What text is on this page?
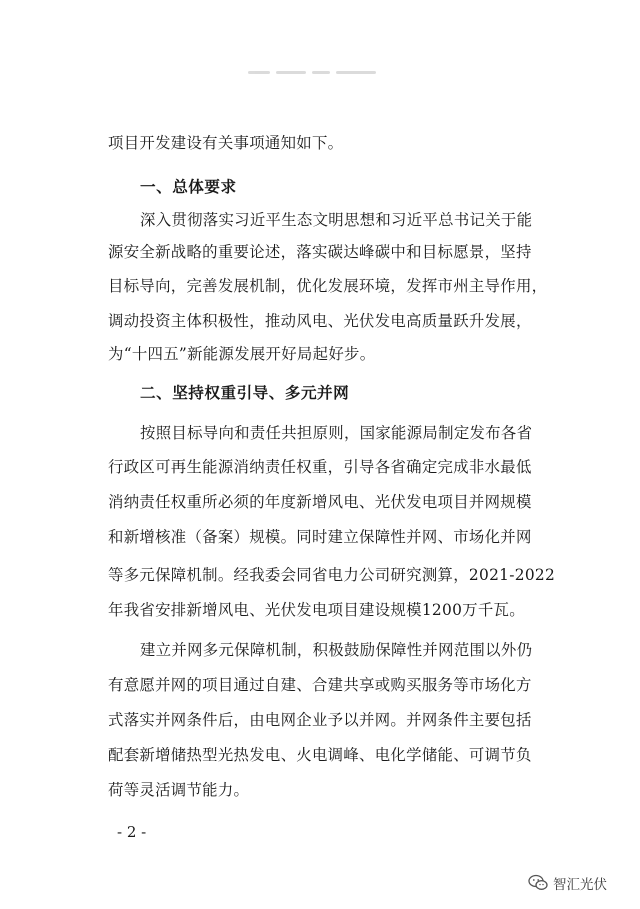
项目开发建设有关事项通知如下。
一、总体要求
深入贯彻落实习近平生态文明思想和习近平总书记关于能
源安全新战略的重要论述，落实碳达峰碳中和目标愿景，坚持
目标导向，完善发展机制，优化发展环境，发挥市州主导作用，
调动投资主体积极性，推动风电、光伏发电高质量跃升发展，
为“十四五”新能源发展开好局起好步。
二、坚持权重引导、多元并网
按照目标导向和责任共担原则，国家能源局制定发布各省
行政区可再生能源消纳责任权重，引导各省确定完成非水最低
消纳责任权重所必须的年度新增风电、光伏发电项目并网规模
和新增核准（备案）规模。同时建立保障性并网、市场化并网
等多元保障机制。经我委会同省电力公司研究测算，2021-2022
年我省安排新增风电、光伏发电项目建设规模1200万千瓦。
建立并网多元保障机制，积极鼓励保障性并网范围以外仍
有意愿并网的项目通过自建、合建共享或购买服务等市场化方
式落实并网条件后，由电网企业予以并网。并网条件主要包括
配套新增储热型光热发电、火电调峰、电化学储能、可调节负
荷等灵活调节能力。
- 2 -
智汇光伏
